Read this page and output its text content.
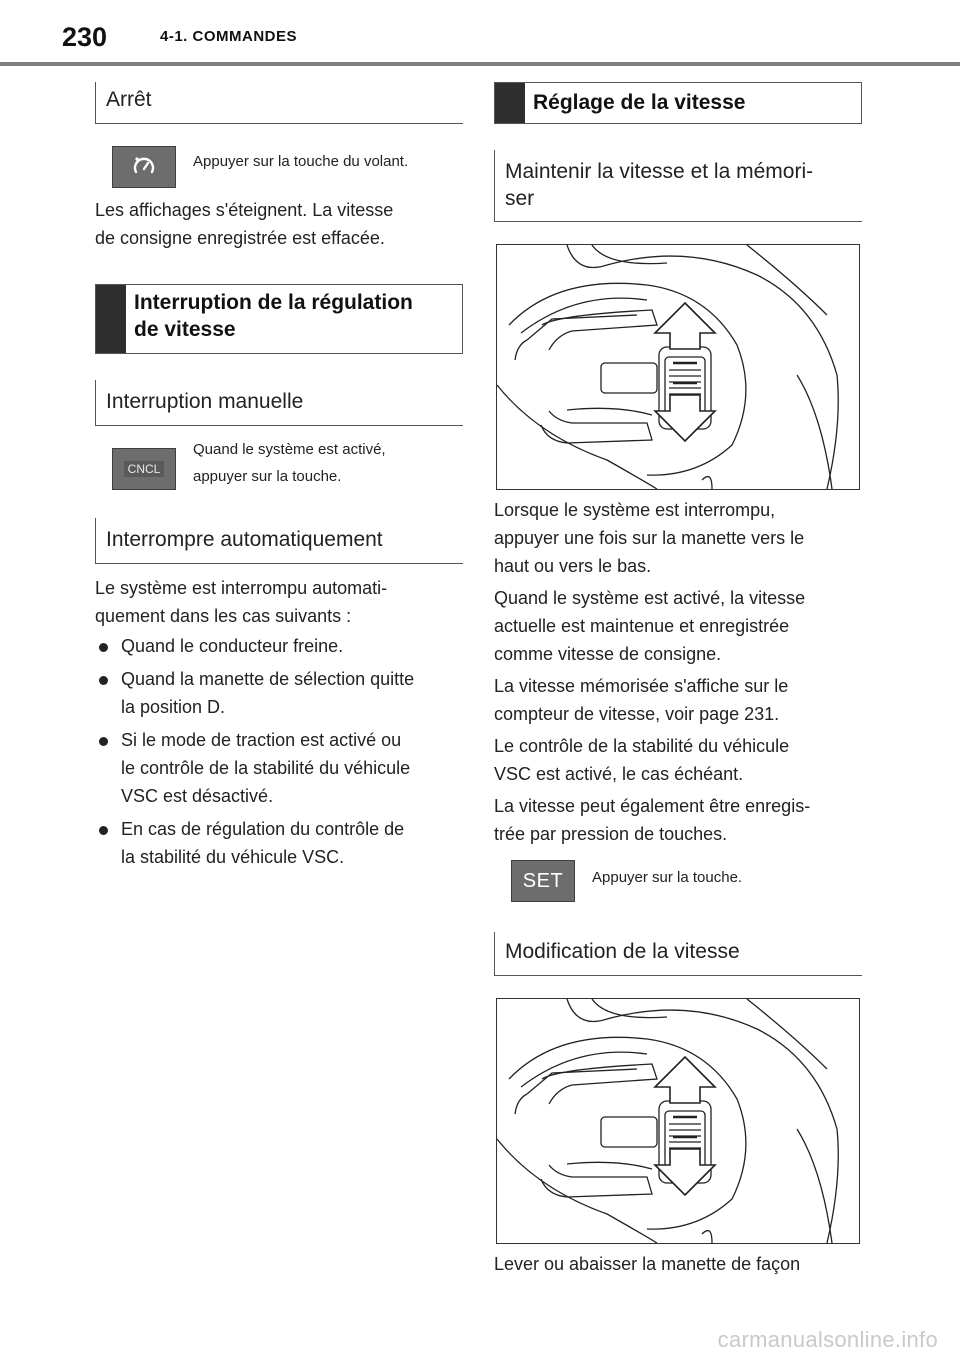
230	4-1. COMMANDES
Arrêt
Appuyer sur la touche du volant.
Les affichages s'éteignent. La vitesse
de consigne enregistrée est effacée.
Interruption de la régulation
de vitesse
Interruption manuelle
CNCL
Quand le système est activé,
appuyer sur la touche.
Interrompre automatiquement
Le système est interrompu automati-
quement dans les cas suivants :
Quand le conducteur freine.
Quand la manette de sélection quitte
la position D.
Si le mode de traction est activé ou
le contrôle de la stabilité du véhicule
VSC est désactivé.
En cas de régulation du contrôle de
la stabilité du véhicule VSC.
Réglage de la vitesse
Maintenir la vitesse et la mémori-
ser
Lorsque le système est interrompu,
appuyer une fois sur la manette vers le
haut ou vers le bas.
Quand le système est activé, la vitesse
actuelle est maintenue et enregistrée
comme vitesse de consigne.
La vitesse mémorisée s'affiche sur le
compteur de vitesse, voir page 231.
Le contrôle de la stabilité du véhicule
VSC est activé, le cas échéant.
La vitesse peut également être enregis-
trée par pression de touches.
SET Appuyer sur la touche.
Modification de la vitesse
Lever ou abaisser la manette de façon
carmanualsonline.info
